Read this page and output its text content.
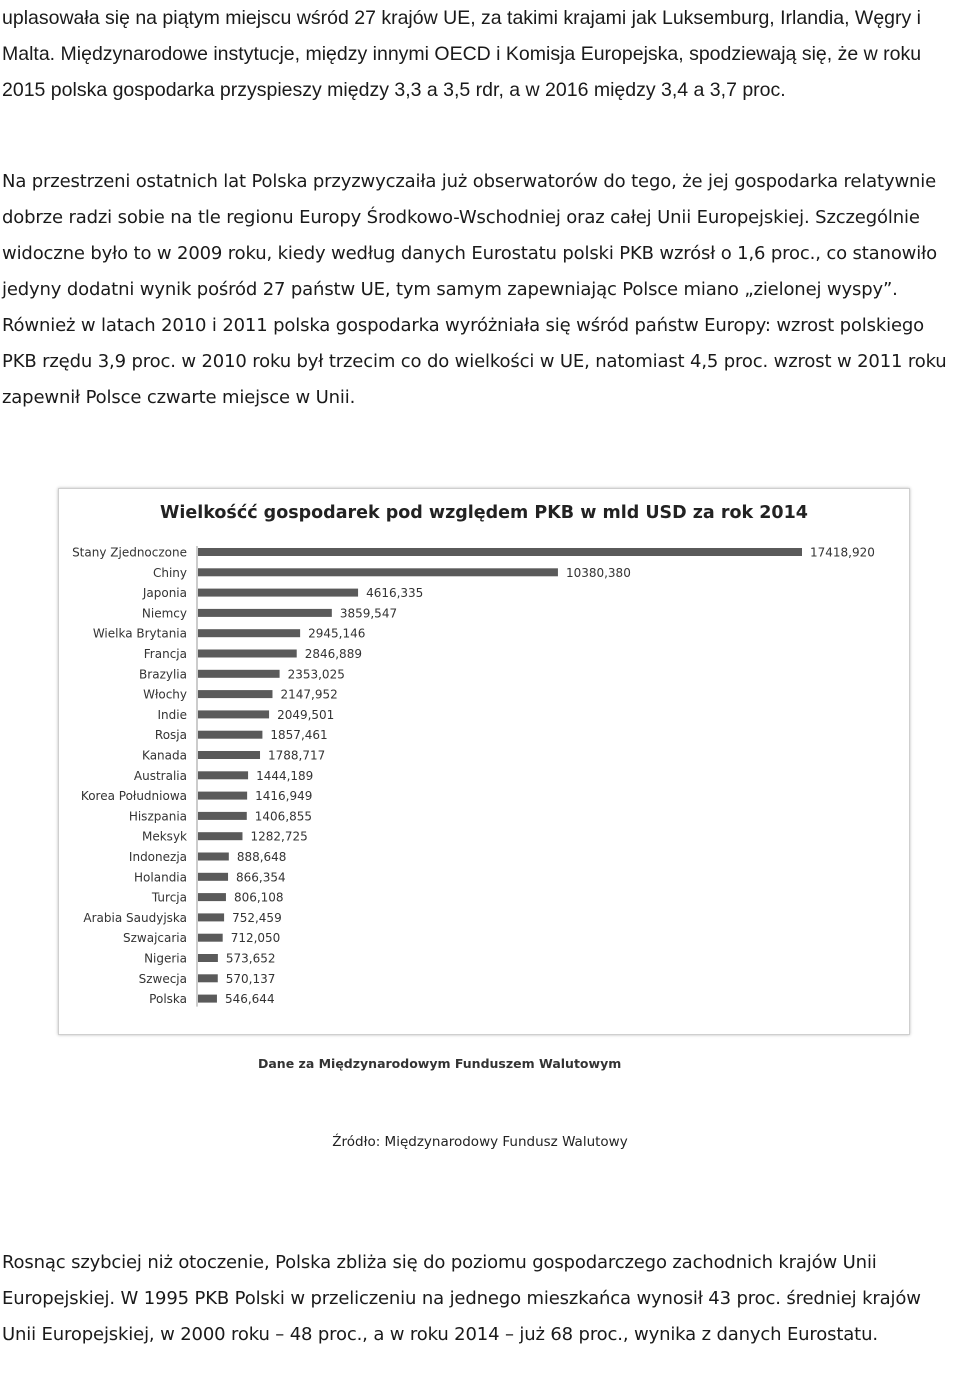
uplasowała się na piątym miejscu wśród 27 krajów UE, za takimi krajami jak Luksemburg, Irlandia, Węgry i Malta. Międzynarodowe instytucje, między innymi OECD i Komisja Europejska, spodziewają się, że w roku 2015 polska gospodarka przyspieszy między 3,3 a 3,5 rdr, a w 2016 między 3,4 a 3,7 proc.

Na przestrzeni ostatnich lat Polska przyzwyczaiła już obserwatorów do tego, że jej gospodarka relatywnie dobrze radzi sobie na tle regionu Europy Środkowo-Wschodniej oraz całej Unii Europejskiej. Szczególnie widoczne było to w 2009 roku, kiedy według danych Eurostatu polski PKB wzrósł o 1,6 proc., co stanowiło jedyny dodatni wynik pośród 27 państw UE, tym samym zapewniając Polsce miano „zielonej wyspy”. Również w latach 2010 i 2011 polska gospodarka wyróżniała się wśród państw Europy: wzrost polskiego PKB rzędu 3,9 proc. w 2010 roku był trzecim co do wielkości w UE, natomiast 4,5 proc. wzrost w 2011 roku zapewnił Polsce czwarte miejsce w Unii.

Wielkośćć gospodarek pod względem PKB w mld USD za rok 2014
Stany Zjednoczone	17418,920
Chiny	10380,380
Japonia	4616,335
Niemcy	3859,547
Wielka Brytania	2945,146
Francja	2846,889
Brazylia	2353,025
Włochy	2147,952
Indie	2049,501
Rosja	1857,461
Kanada	1788,717
Australia	1444,189
Korea Południowa	1416,949
Hiszpania	1406,855
Meksyk	1282,725
Indonezja	888,648
Holandia	866,354
Turcja	806,108
Arabia Saudyjska	752,459
Szwajcaria	712,050
Nigeria	573,652
Szwecja	570,137
Polska	546,644
Dane za Międzynarodowym Funduszem Walutowym
Źródło: Międzynarodowy Fundusz Walutowy

Rosnąc szybciej niż otoczenie, Polska zbliża się do poziomu gospodarczego zachodnich krajów Unii Europejskiej. W 1995 PKB Polski w przeliczeniu na jednego mieszkańca wynosił 43 proc. średniej krajów Unii Europejskiej, w 2000 roku – 48 proc., a w roku 2014 – już 68 proc., wynika z danych Eurostatu.
